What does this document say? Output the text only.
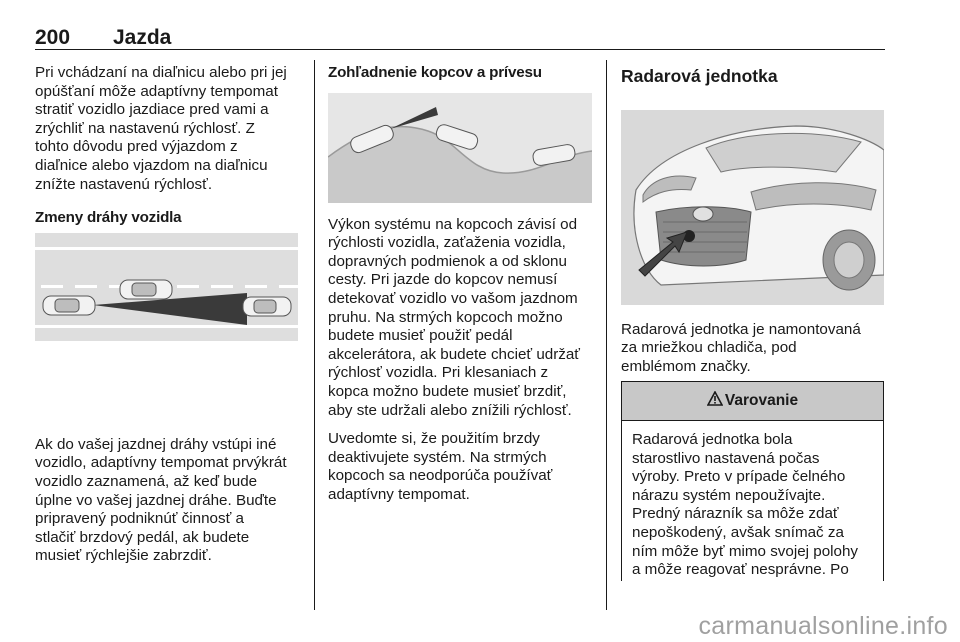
200 Jazda

Pri vchádzaní na diaľnicu alebo pri jej
opúšťaní môže adaptívny tempomat
stratiť vozidlo jazdiace pred vami a
zrýchliť na nastavenú rýchlosť. Z
tohto dôvodu pred výjazdom z
diaľnice alebo vjazdom na diaľnicu
znížte nastavenú rýchlosť.

Zmeny dráhy vozidla

Ak do vašej jazdnej dráhy vstúpi iné
vozidlo, adaptívny tempomat prvýkrát
vozidlo zaznamená, až keď bude
úplne vo vašej jazdnej dráhe. Buďte
pripravený podniknúť činnosť a
stlačiť brzdový pedál, ak budete
musieť rýchlejšie zabrzdiť.

Zohľadnenie kopcov a prívesu

Výkon systému na kopcoch závisí od
rýchlosti vozidla, zaťaženia vozidla,
dopravných podmienok a od sklonu
cesty. Pri jazde do kopcov nemusí
detekovať vozidlo vo vašom jazdnom
pruhu. Na strmých kopcoch možno
budete musieť použiť pedál
akcelerátora, ak budete chcieť udržať
rýchlosť vozidla. Pri klesaniach z
kopca možno budete musieť brzdiť,
aby ste udržali alebo znížili rýchlosť.

Uvedomte si, že použitím brzdy
deaktivujete systém. Na strmých
kopcoch sa neodporúča používať
adaptívny tempomat.

Radarová jednotka

Radarová jednotka je namontovaná
za mriežkou chladiča, pod
emblémom značky.

Varovanie
Radarová jednotka bola
starostlivo nastavená počas
výroby. Preto v prípade čelného
nárazu systém nepoužívajte.
Predný nárazník sa môže zdať
nepoškodený, avšak snímač za
ním môže byť mimo svojej polohy
a môže reagovať nesprávne. Po
carmanualsonline.info
